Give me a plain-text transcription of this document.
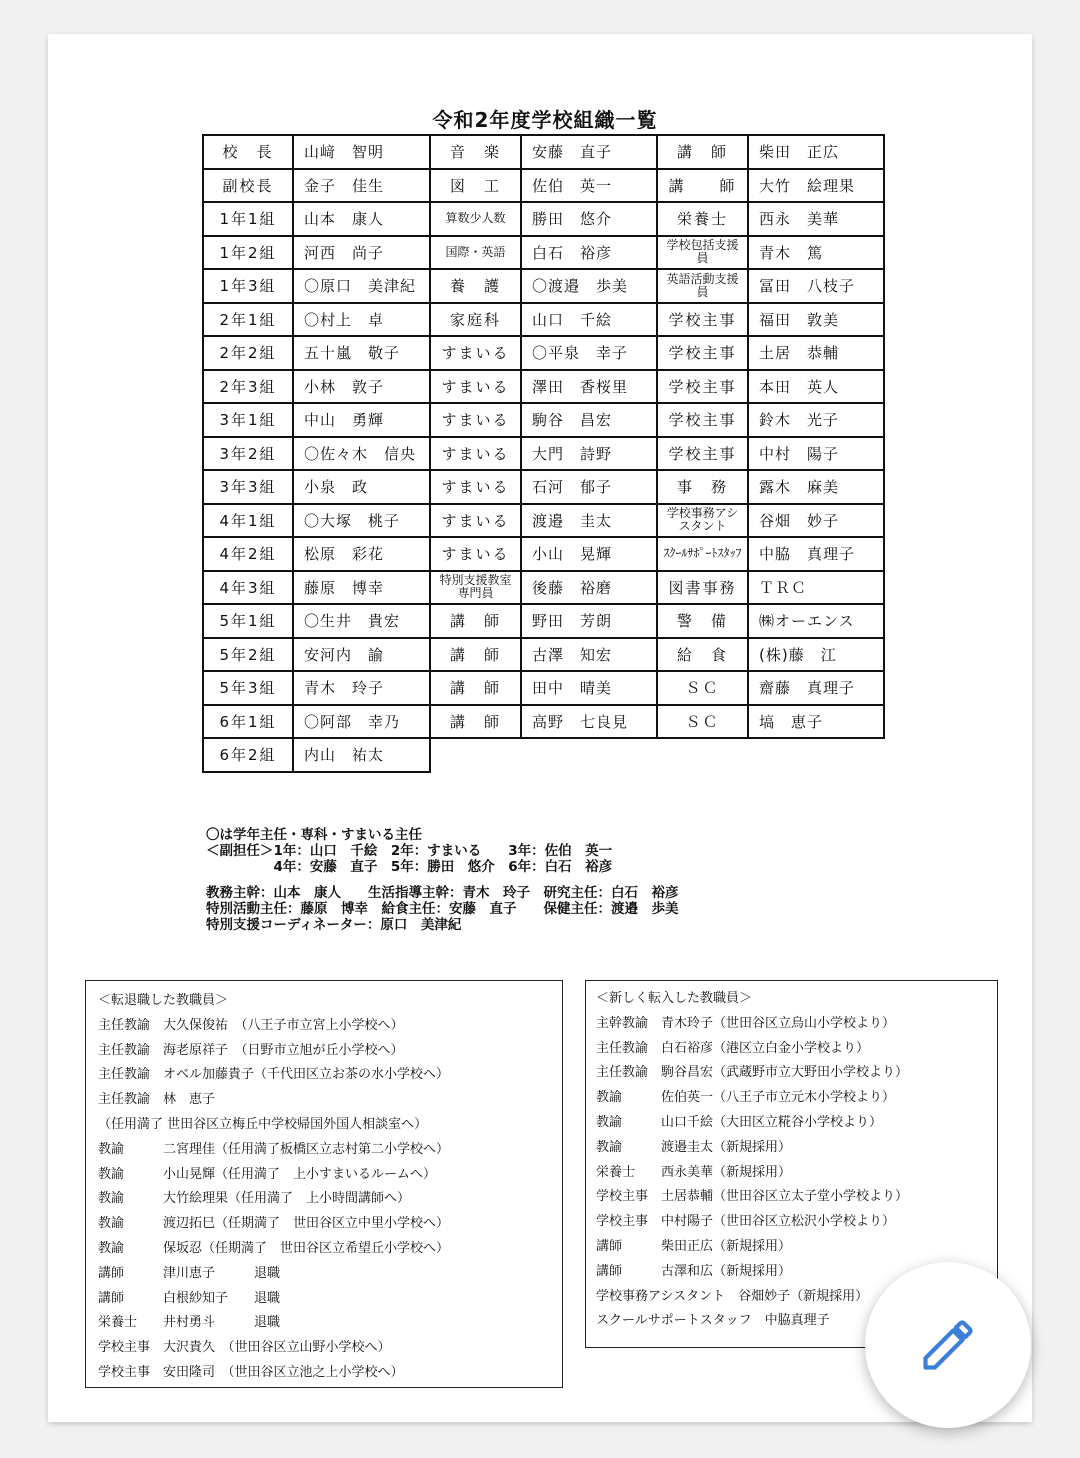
令和2年度学校組織一覧
校　長	山﨑　智明	音　楽	安藤　直子	講　師	柴田　正広
副校長	金子　佳生	図　工	佐伯　英一	講　　師	大竹　絵理果
1年1組	山本　康人	算数少人数	勝田　悠介	栄養士	西永　美華
1年2組	河西　尚子	国際・英語	白石　裕彦	学校包括支援員	青木　篤
1年3組	〇原口　美津紀	養　護	〇渡邉　歩美	英語活動支援員	冨田　八枝子
2年1組	〇村上　卓	家庭科	山口　千絵	学校主事	福田　敦美
2年2組	五十嵐　敬子	すまいる	〇平泉　幸子	学校主事	土居　恭輔
2年3組	小林　敦子	すまいる	澤田　香桜里	学校主事	本田　英人
3年1組	中山　勇輝	すまいる	駒谷　昌宏	学校主事	鈴木　光子
3年2組	〇佐々木　信央	すまいる	大門　詩野	学校主事	中村　陽子
3年3組	小泉　政	すまいる	石河　郁子	事　務	露木　麻美
4年1組	〇大塚　桃子	すまいる	渡邉　圭太	学校事務アシスタント	谷畑　妙子
4年2組	松原　彩花	すまいる	小山　晃輝	ｽｸｰﾙｻﾎﾟｰﾄｽﾀｯﾌ	中脇　真理子
4年3組	藤原　博幸	特別支援教室専門員	後藤　裕磨	図書事務	ＴＲＣ
5年1組	〇生井　貴宏	講　師	野田　芳朗	警　備	㈱オーエンス
5年2組	安河内　諭	講　師	古澤　知宏	給　食	(株)藤　江
5年3組	青木　玲子	講　師	田中　晴美	ＳＣ	齋藤　真理子
6年1組	〇阿部　幸乃	講　師	高野　七良見	ＳＣ	塙　恵子
6年2組	内山　祐太				
〇は学年主任・専科・すまいる主任
＜副担任＞1年：山口　千絵　2年：すまいる　　3年：佐伯　英一
　　　　　4年：安藤　直子　5年：勝田　悠介　6年：白石　裕彦
教務主幹：山本　康人　　生活指導主幹：青木　玲子　研究主任：白石　裕彦
特別活動主任：藤原　博幸　給食主任：安藤　直子　　保健主任：渡邉　歩美
特別支援コーディネーター：原口　美津紀
＜転退職した教職員＞
主任教諭　大久保俊祐　（八王子市立宮上小学校へ）
主任教諭　海老原祥子　（日野市立旭が丘小学校へ）
主任教諭　オベル加藤貴子（千代田区立お茶の水小学校へ）
主任教諭　林　恵子
（任用満了 世田谷区立梅丘中学校帰国外国人相談室へ）
教諭　　　二宮理佳（任用満了板橋区立志村第二小学校へ）
教諭　　　小山晃輝（任用満了　上小すまいるルームへ）
教諭　　　大竹絵理果（任用満了　上小時間講師へ）
教諭　　　渡辺拓巳（任期満了　世田谷区立中里小学校へ）
教諭　　　保坂忍（任期満了　世田谷区立希望丘小学校へ）
講師　　　津川恵子　　　退職
講師　　　白根紗知子　　退職
栄養士　　井村勇斗　　　退職
学校主事　大沢貴久　（世田谷区立山野小学校へ）
学校主事　安田隆司　（世田谷区立池之上小学校へ）
＜新しく転入した教職員＞
主幹教諭　青木玲子（世田谷区立烏山小学校より）
主任教諭　白石裕彦（港区立白金小学校より）
主任教諭　駒谷昌宏（武蔵野市立大野田小学校より）
教諭　　　佐伯英一（八王子市立元木小学校より）
教諭　　　山口千絵（大田区立糀谷小学校より）
教諭　　　渡邉圭太（新規採用）
栄養士　　西永美華（新規採用）
学校主事　土居恭輔（世田谷区立太子堂小学校より）
学校主事　中村陽子（世田谷区立松沢小学校より）
講師　　　柴田正広（新規採用）
講師　　　古澤和広（新規採用）
学校事務アシスタント　谷畑妙子（新規採用）
スクールサポートスタッフ　中脇真理子
